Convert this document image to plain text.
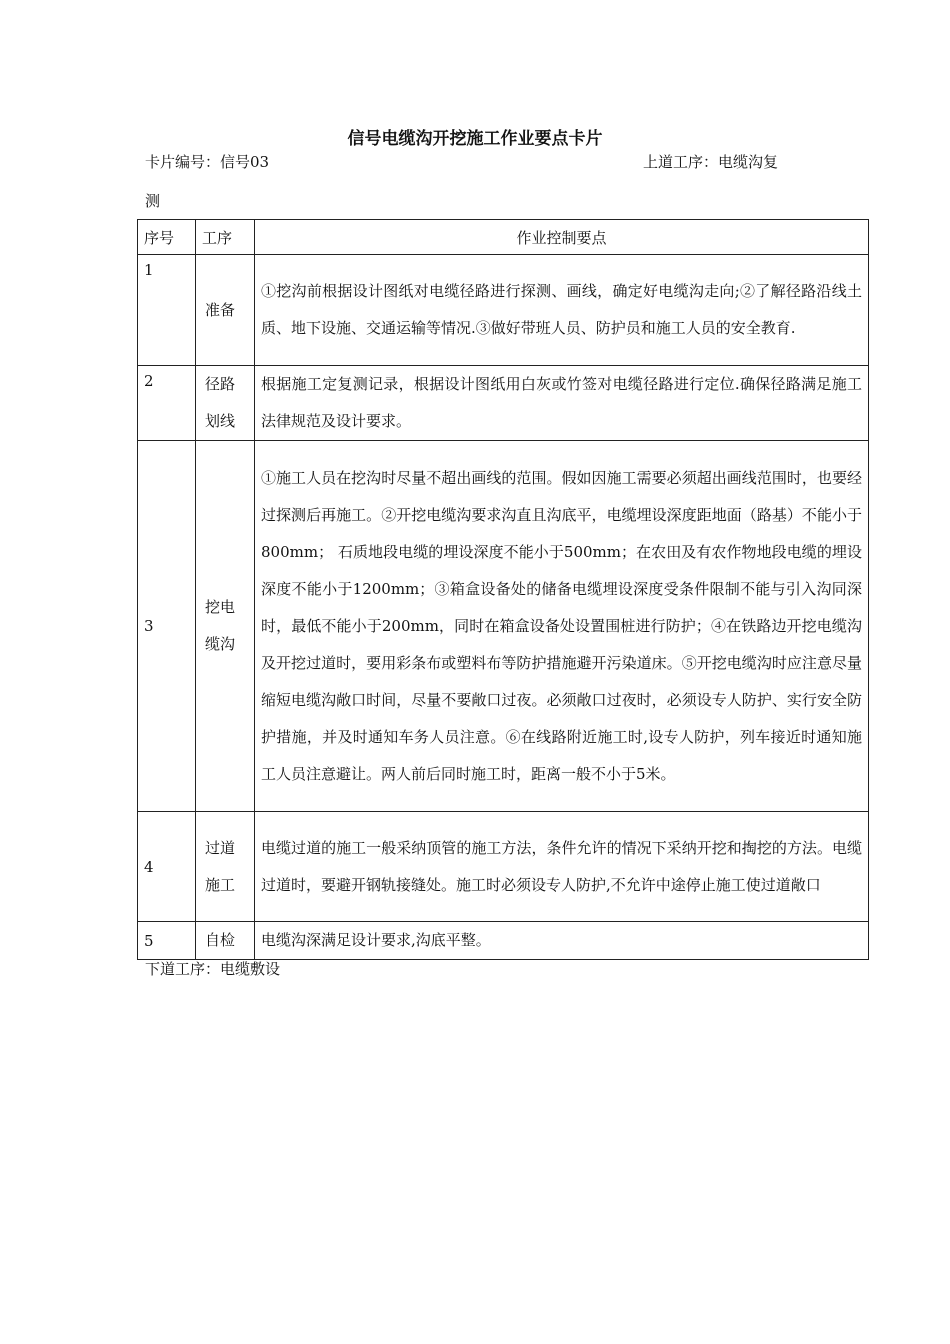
信号电缆沟开挖施工作业要点卡片
卡片编号：信号03	上道工序：电缆沟复
测
序号	工序	作业控制要点
1	准备	①挖沟前根据设计图纸对电缆径路进行探测、画线，确定好电缆沟走向;②了解径路沿线土质、地下设施、交通运输等情况.③做好带班人员、防护员和施工人员的安全教育.
2	径路划线	根据施工定复测记录，根据设计图纸用白灰或竹签对电缆径路进行定位.确保径路满足施工法律规范及设计要求。
3	挖电缆沟	①施工人员在挖沟时尽量不超出画线的范围。假如因施工需要必须超出画线范围时，也要经过探测后再施工。②开挖电缆沟要求沟直且沟底平，电缆埋设深度距地面（路基）不能小于800mm； 石质地段电缆的埋设深度不能小于500mm；在农田及有农作物地段电缆的埋设深度不能小于1200mm；③箱盒设备处的储备电缆埋设深度受条件限制不能与引入沟同深时，最低不能小于200mm，同时在箱盒设备处设置围桩进行防护；④在铁路边开挖电缆沟及开挖过道时，要用彩条布或塑料布等防护措施避开污染道床。⑤开挖电缆沟时应注意尽量缩短电缆沟敞口时间，尽量不要敞口过夜。必须敞口过夜时，必须设专人防护、实行安全防护措施，并及时通知车务人员注意。⑥在线路附近施工时,设专人防护，列车接近时通知施工人员注意避让。两人前后同时施工时，距离一般不小于5米。
4	过道施工	电缆过道的施工一般采纳顶管的施工方法，条件允许的情况下采纳开挖和掏挖的方法。电缆过道时，要避开钢轨接缝处。施工时必须设专人防护,不允许中途停止施工使过道敞口
5	自检	电缆沟深满足设计要求,沟底平整。
下道工序：电缆敷设
